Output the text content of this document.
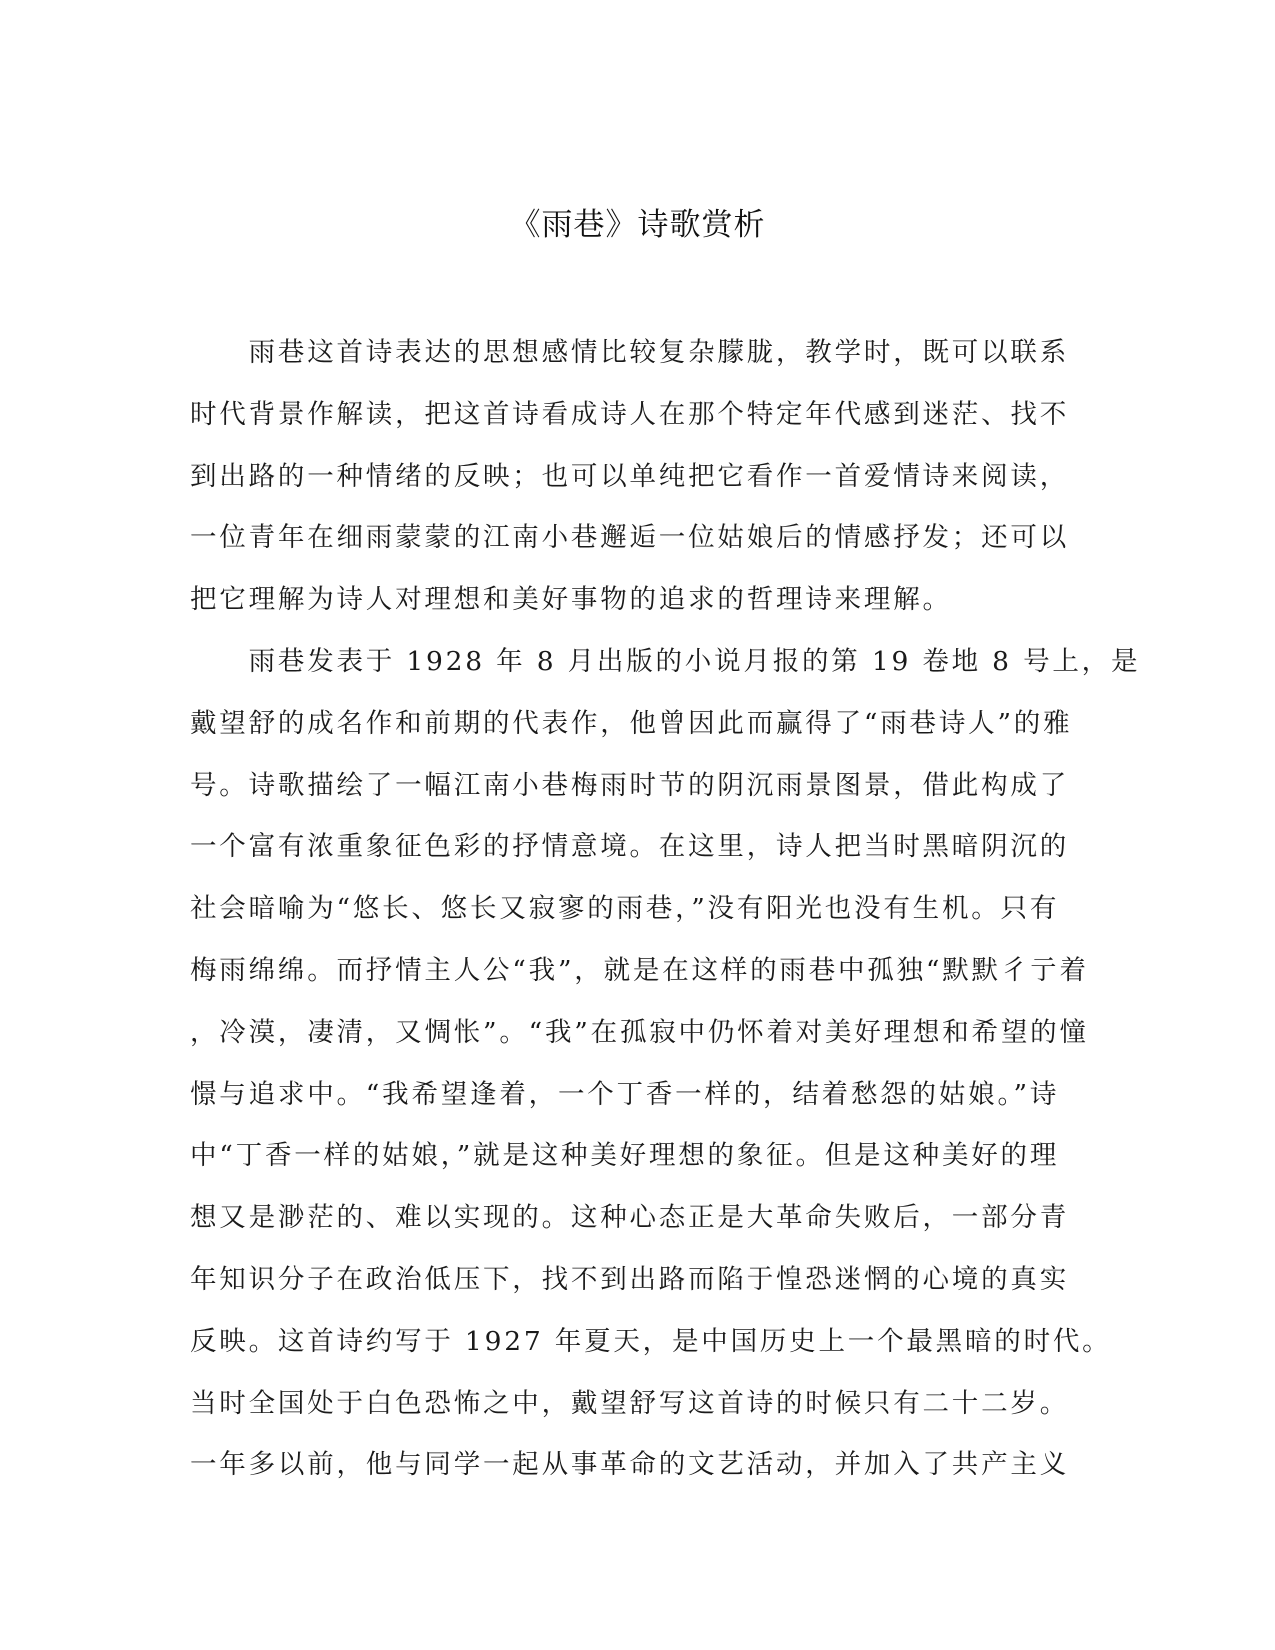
《雨巷》诗歌赏析
　　雨巷这首诗表达的思想感情比较复杂朦胧，教学时，既可以联系
时代背景作解读，把这首诗看成诗人在那个特定年代感到迷茫、找不
到出路的一种情绪的反映；也可以单纯把它看作一首爱情诗来阅读，
一位青年在细雨蒙蒙的江南小巷邂逅一位姑娘后的情感抒发；还可以
把它理解为诗人对理想和美好事物的追求的哲理诗来理解。
　　雨巷发表于 1928 年 8 月出版的小说月报的第 19 卷地 8 号上，是
戴望舒的成名作和前期的代表作，他曾因此而赢得了“雨巷诗人”的雅
号。诗歌描绘了一幅江南小巷梅雨时节的阴沉雨景图景，借此构成了
一个富有浓重象征色彩的抒情意境。在这里，诗人把当时黑暗阴沉的
社会暗喻为“悠长、悠长又寂寥的雨巷，”没有阳光也没有生机。只有
梅雨绵绵。而抒情主人公“我”，就是在这样的雨巷中孤独“默默彳亍着
，冷漠，凄清，又惆怅”。“我”在孤寂中仍怀着对美好理想和希望的憧
憬与追求中。“我希望逢着，一个丁香一样的，结着愁怨的姑娘。”诗
中“丁香一样的姑娘，”就是这种美好理想的象征。但是这种美好的理
想又是渺茫的、难以实现的。这种心态正是大革命失败后，一部分青
年知识分子在政治低压下，找不到出路而陷于惶恐迷惘的心境的真实
反映。这首诗约写于 1927 年夏天，是中国历史上一个最黑暗的时代。
当时全国处于白色恐怖之中，戴望舒写这首诗的时候只有二十二岁。
一年多以前，他与同学一起从事革命的文艺活动，并加入了共产主义
